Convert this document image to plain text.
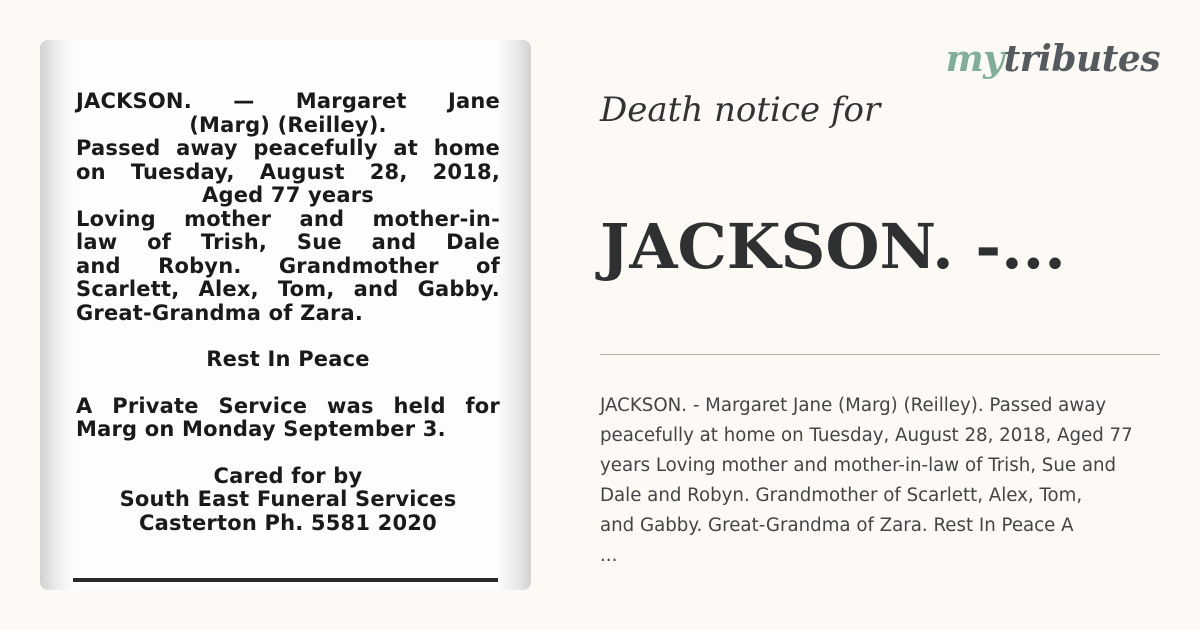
JACKSON. — Margaret Jane
(Marg) (Reilley).
Passed away peacefully at home
on Tuesday, August 28, 2018,
Aged 77 years
Loving mother and mother-in-
law of Trish, Sue and Dale
and Robyn. Grandmother of
Scarlett, Alex, Tom, and Gabby.
Great-Grandma of Zara.
Rest In Peace
A Private Service was held for
Marg on Monday September 3.
Cared for by
South East Funeral Services
Casterton Ph. 5581 2020
mytributes
Death notice for
JACKSON. -...
JACKSON. - Margaret Jane (Marg) (Reilley). Passed away
peacefully at home on Tuesday, August 28, 2018, Aged 77
years Loving mother and mother-in-law of Trish, Sue and
Dale and Robyn. Grandmother of Scarlett, Alex, Tom,
and Gabby. Great-Grandma of Zara. Rest In Peace A
...
